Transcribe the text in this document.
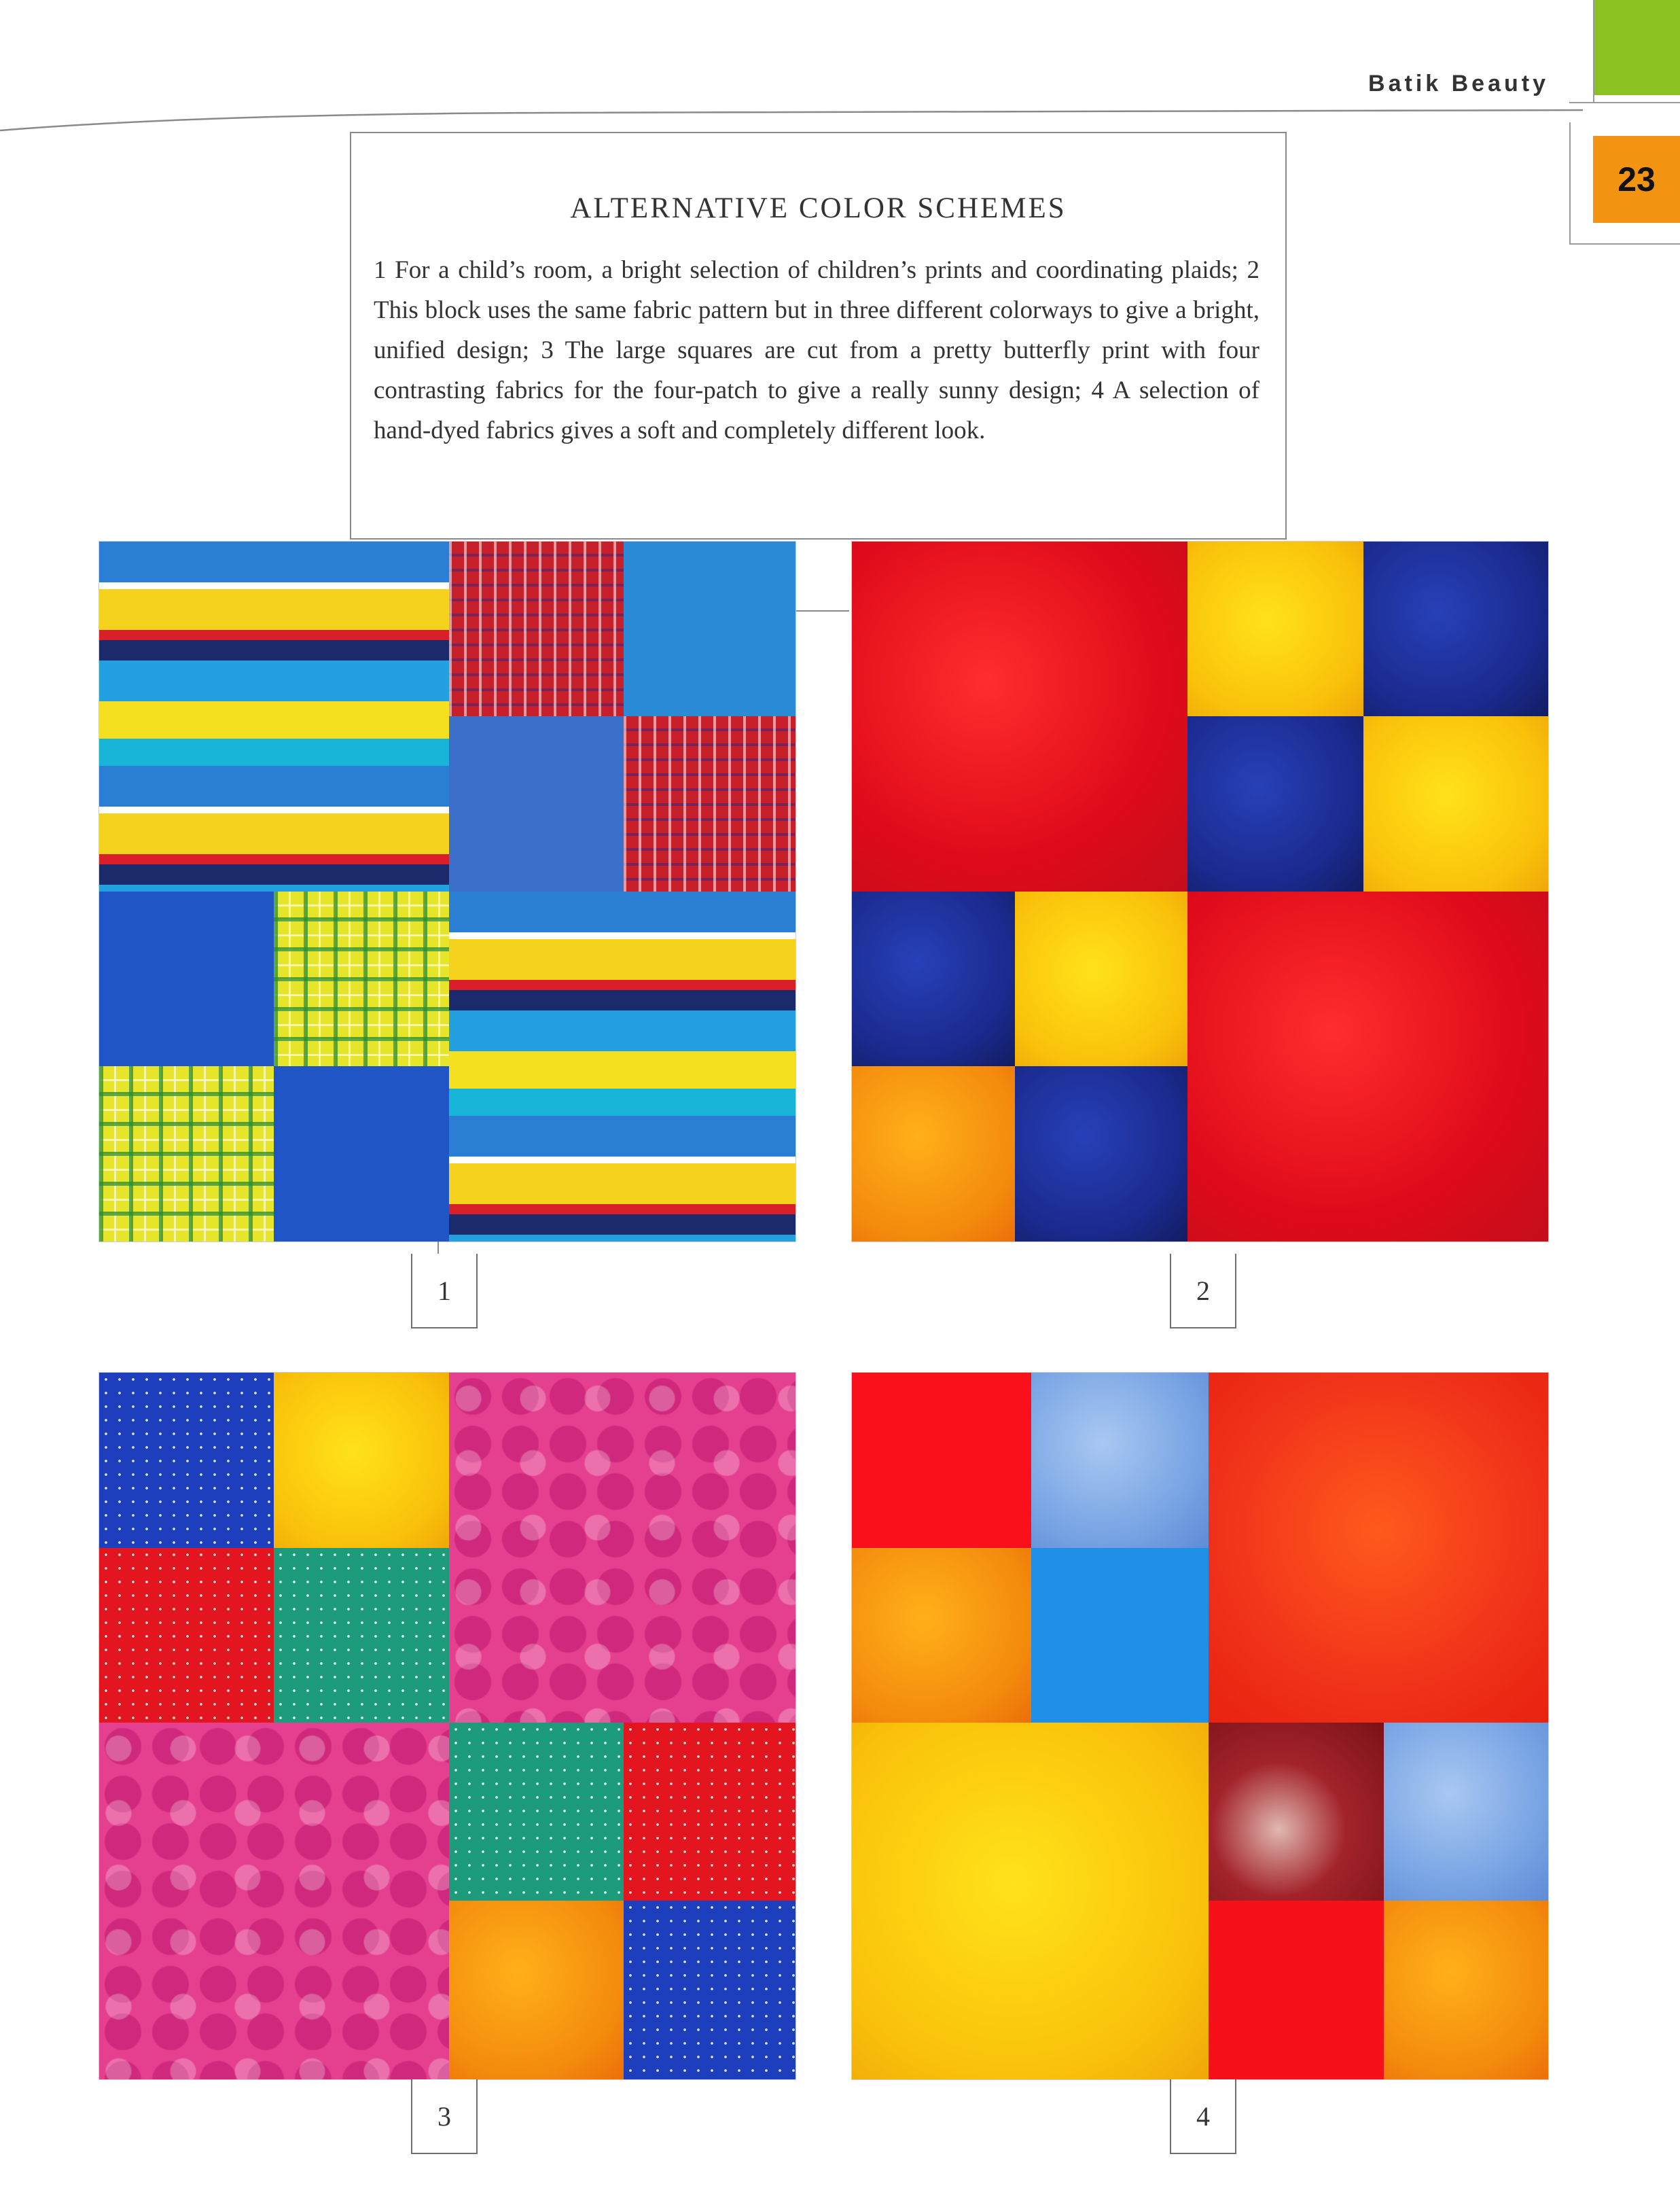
Batik Beauty
23
ALTERNATIVE COLOR SCHEMES
1 For a child’s room, a bright selection of children’s prints and coordinating plaids; 2 This block uses the same fabric pattern but in three different colorways to give a bright, unified design; 3 The large squares are cut from a pretty butterfly print with four contrasting fabrics for the four-patch to give a really sunny design; 4 A selection of hand-dyed fabrics gives a soft and completely different look.
1	2
3	4
